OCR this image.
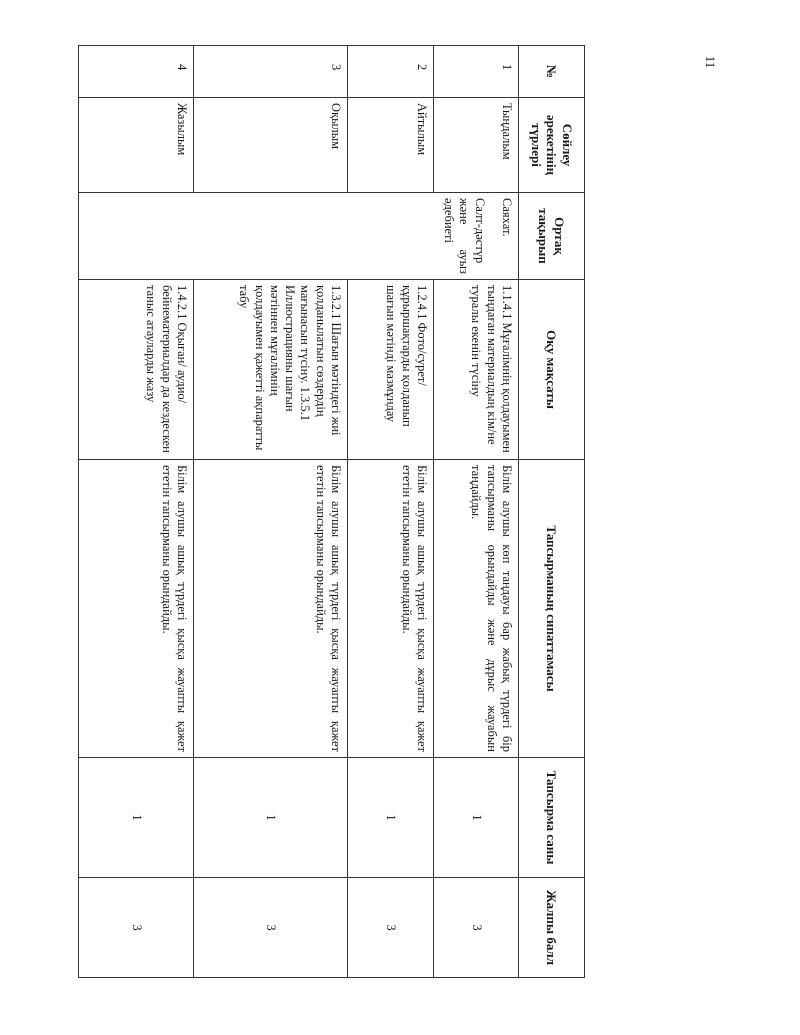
11
№	Сөйлеу әрекетінің түрлері	Ортақ тақырып	Оқу мақсаты	Тапсырманың сипаттамасы	Тапсырма саны	Жалпы балл
1	Тыңдалым	Саяхат.
Салт-дәстүр және ауыз әдебиеті	1.1.4.1 Мұғалімнің қолдауымен тыңдаған материалдың кім/не туралы екенін түсіну	Білім алушы көп таңдауы бар жабық түрдегі бір тапсырманы орындайды және дұрыс жауабын таңдайды.	1	3
2	Айтылым		1.2.4.1 Фото/сурет/ құрыршақтарды қолданып шағын мәтінді мазмұндау	Білім алушы ашық түрдегі қысқа жауапты қажет ететін тапсырманы орындайды.	1	3
3	Оқылым		1.3.2.1 Шағын мәтіндегі жиі қолданылатын сөздердің мағынасын түсіну. 1.3.5.1 Иллюстрацияны шағын мәтіннен мұғалімнің қолдауымен қажетті ақпаратты табу	Білім алушы ашық түрдегі қысқа жауапты қажет ететін тапсырманы орындайды.	1	3
4	Жазылым		1.4.2.1 Оқыған/ аудио/бейнематериалдар да кездескен таныс атауларды жазу	Білім алушы ашық түрдегі қысқа жауапты қажет ететін тапсырманы орындайды.	1	3
